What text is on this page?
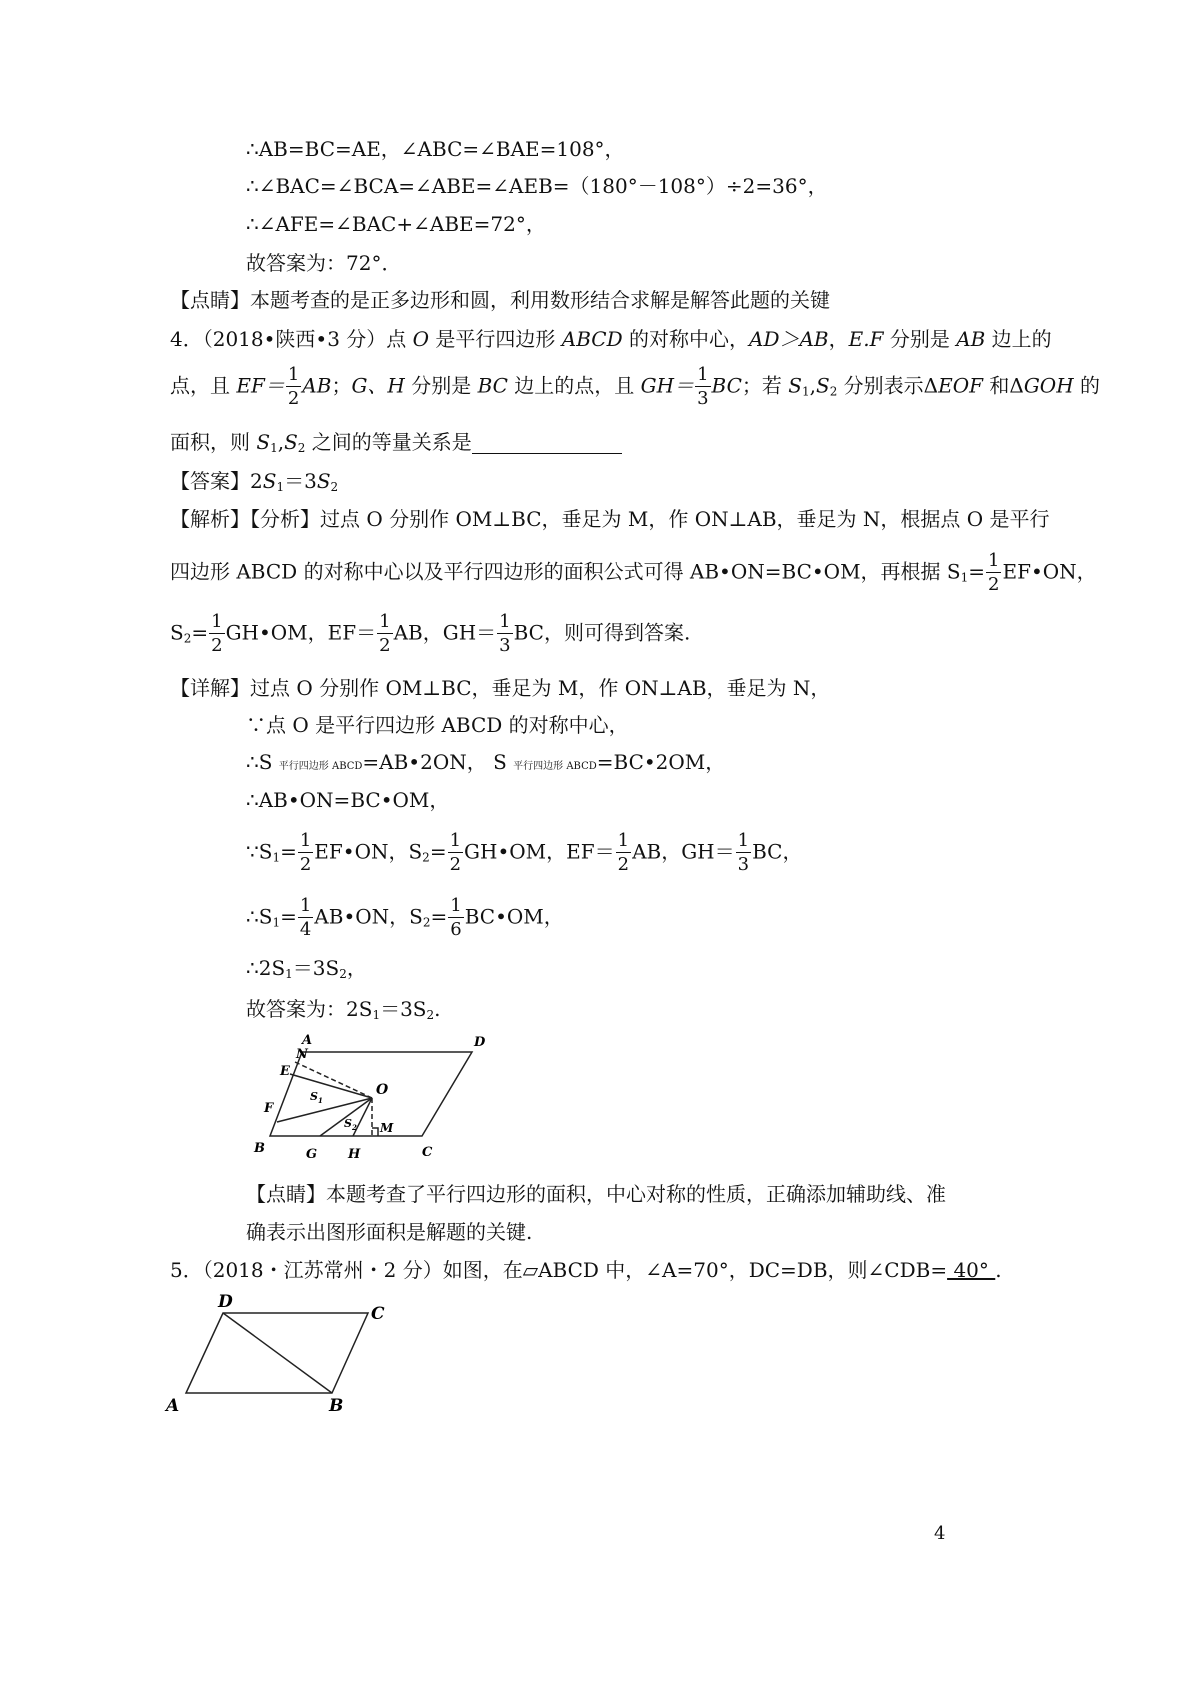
∴AB=BC=AE，∠ABC=∠BAE=108°，
∴∠BAC=∠BCA=∠ABE=∠AEB=（180°－108°）÷2=36°，
∴∠AFE=∠BAC+∠ABE=72°，
故答案为：72°．
【点睛】本题考查的是正多边形和圆，利用数形结合求解是解答此题的关键
4．（2018•陕西•3 分）点 O 是平行四边形 ABCD 的对称中心，AD＞AB，E.F 分别是 AB 边上的
点，且 $EF= \frac{1}{2}$ AB；G、H 分别是 BC 边上的点，且 $GH= \frac{1}{3}$ BC；若 $S_1,S_2$ 分别表示ΔEOF 和ΔGOH 的
面积，则 $S_1,S_2$ 之间的等量关系是
【答案】$2S_1=3S_2$
【解析】【分析】过点 O 分别作 OM⊥BC，垂足为 M，作 ON⊥AB，垂足为 N，根据点 O 是平行
四边形 ABCD 的对称中心以及平行四边形的面积公式可得 AB•ON=BC•OM，再根据 $S_1= \frac{1}{2}$ EF•ON，
$S_2= \frac{1}{2}$ GH•OM，$EF= \frac{1}{2}$ AB，$GH= \frac{1}{3}$ BC，则可得到答案.
【详解】过点 O 分别作 OM⊥BC，垂足为 M，作 ON⊥AB，垂足为 N，
∵点 O 是平行四边形 ABCD 的对称中心，
∴S 平行四边形 ABCD=AB•2ON， S 平行四边形 ABCD=BC•2OM，
∴AB•ON=BC•OM，
$\because S_1= \frac{1}{2}$ EF•ON，$S_2= \frac{1}{2}$ GH•OM，$EF= \frac{1}{2}$ AB，$GH= \frac{1}{3}$ BC，
$\therefore S_1= \frac{1}{4}$ AB•ON，$S_2= \frac{1}{6}$ BC•OM，
$\therefore 2S_1=3S_2$，
故答案为：$2S_1=3S_2$.
A	D
N
E
O
F
S 1
S 2 M
B	G H	C
【点睛】本题考查了平行四边形的面积，中心对称的性质，正确添加辅助线、准
确表示出图形面积是解题的关键.
5．（2018・江苏常州・2 分）如图，在▱ABCD 中，∠A=70°，DC=DB，则∠CDB= 40° .
D
C
A	B
4
